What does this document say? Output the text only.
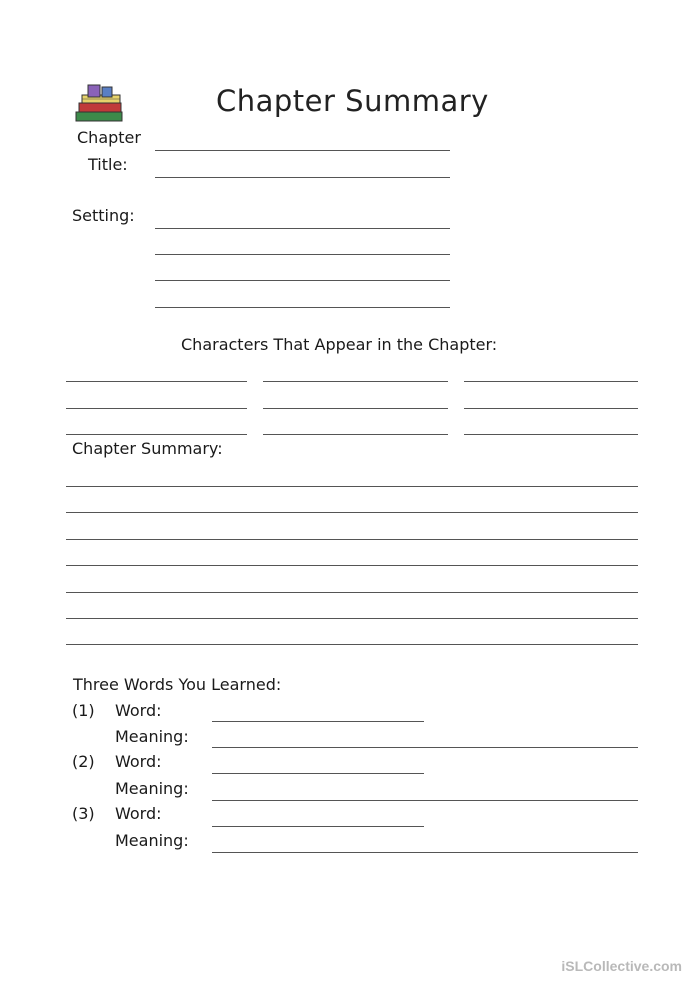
Chapter Summary
Chapter
Title:
Setting:
Characters That Appear in the Chapter:
Chapter Summary:
Three Words You Learned:
(1) Word:
Meaning:
(2) Word:
Meaning:
(3) Word:
Meaning:
iSLCollective.com
